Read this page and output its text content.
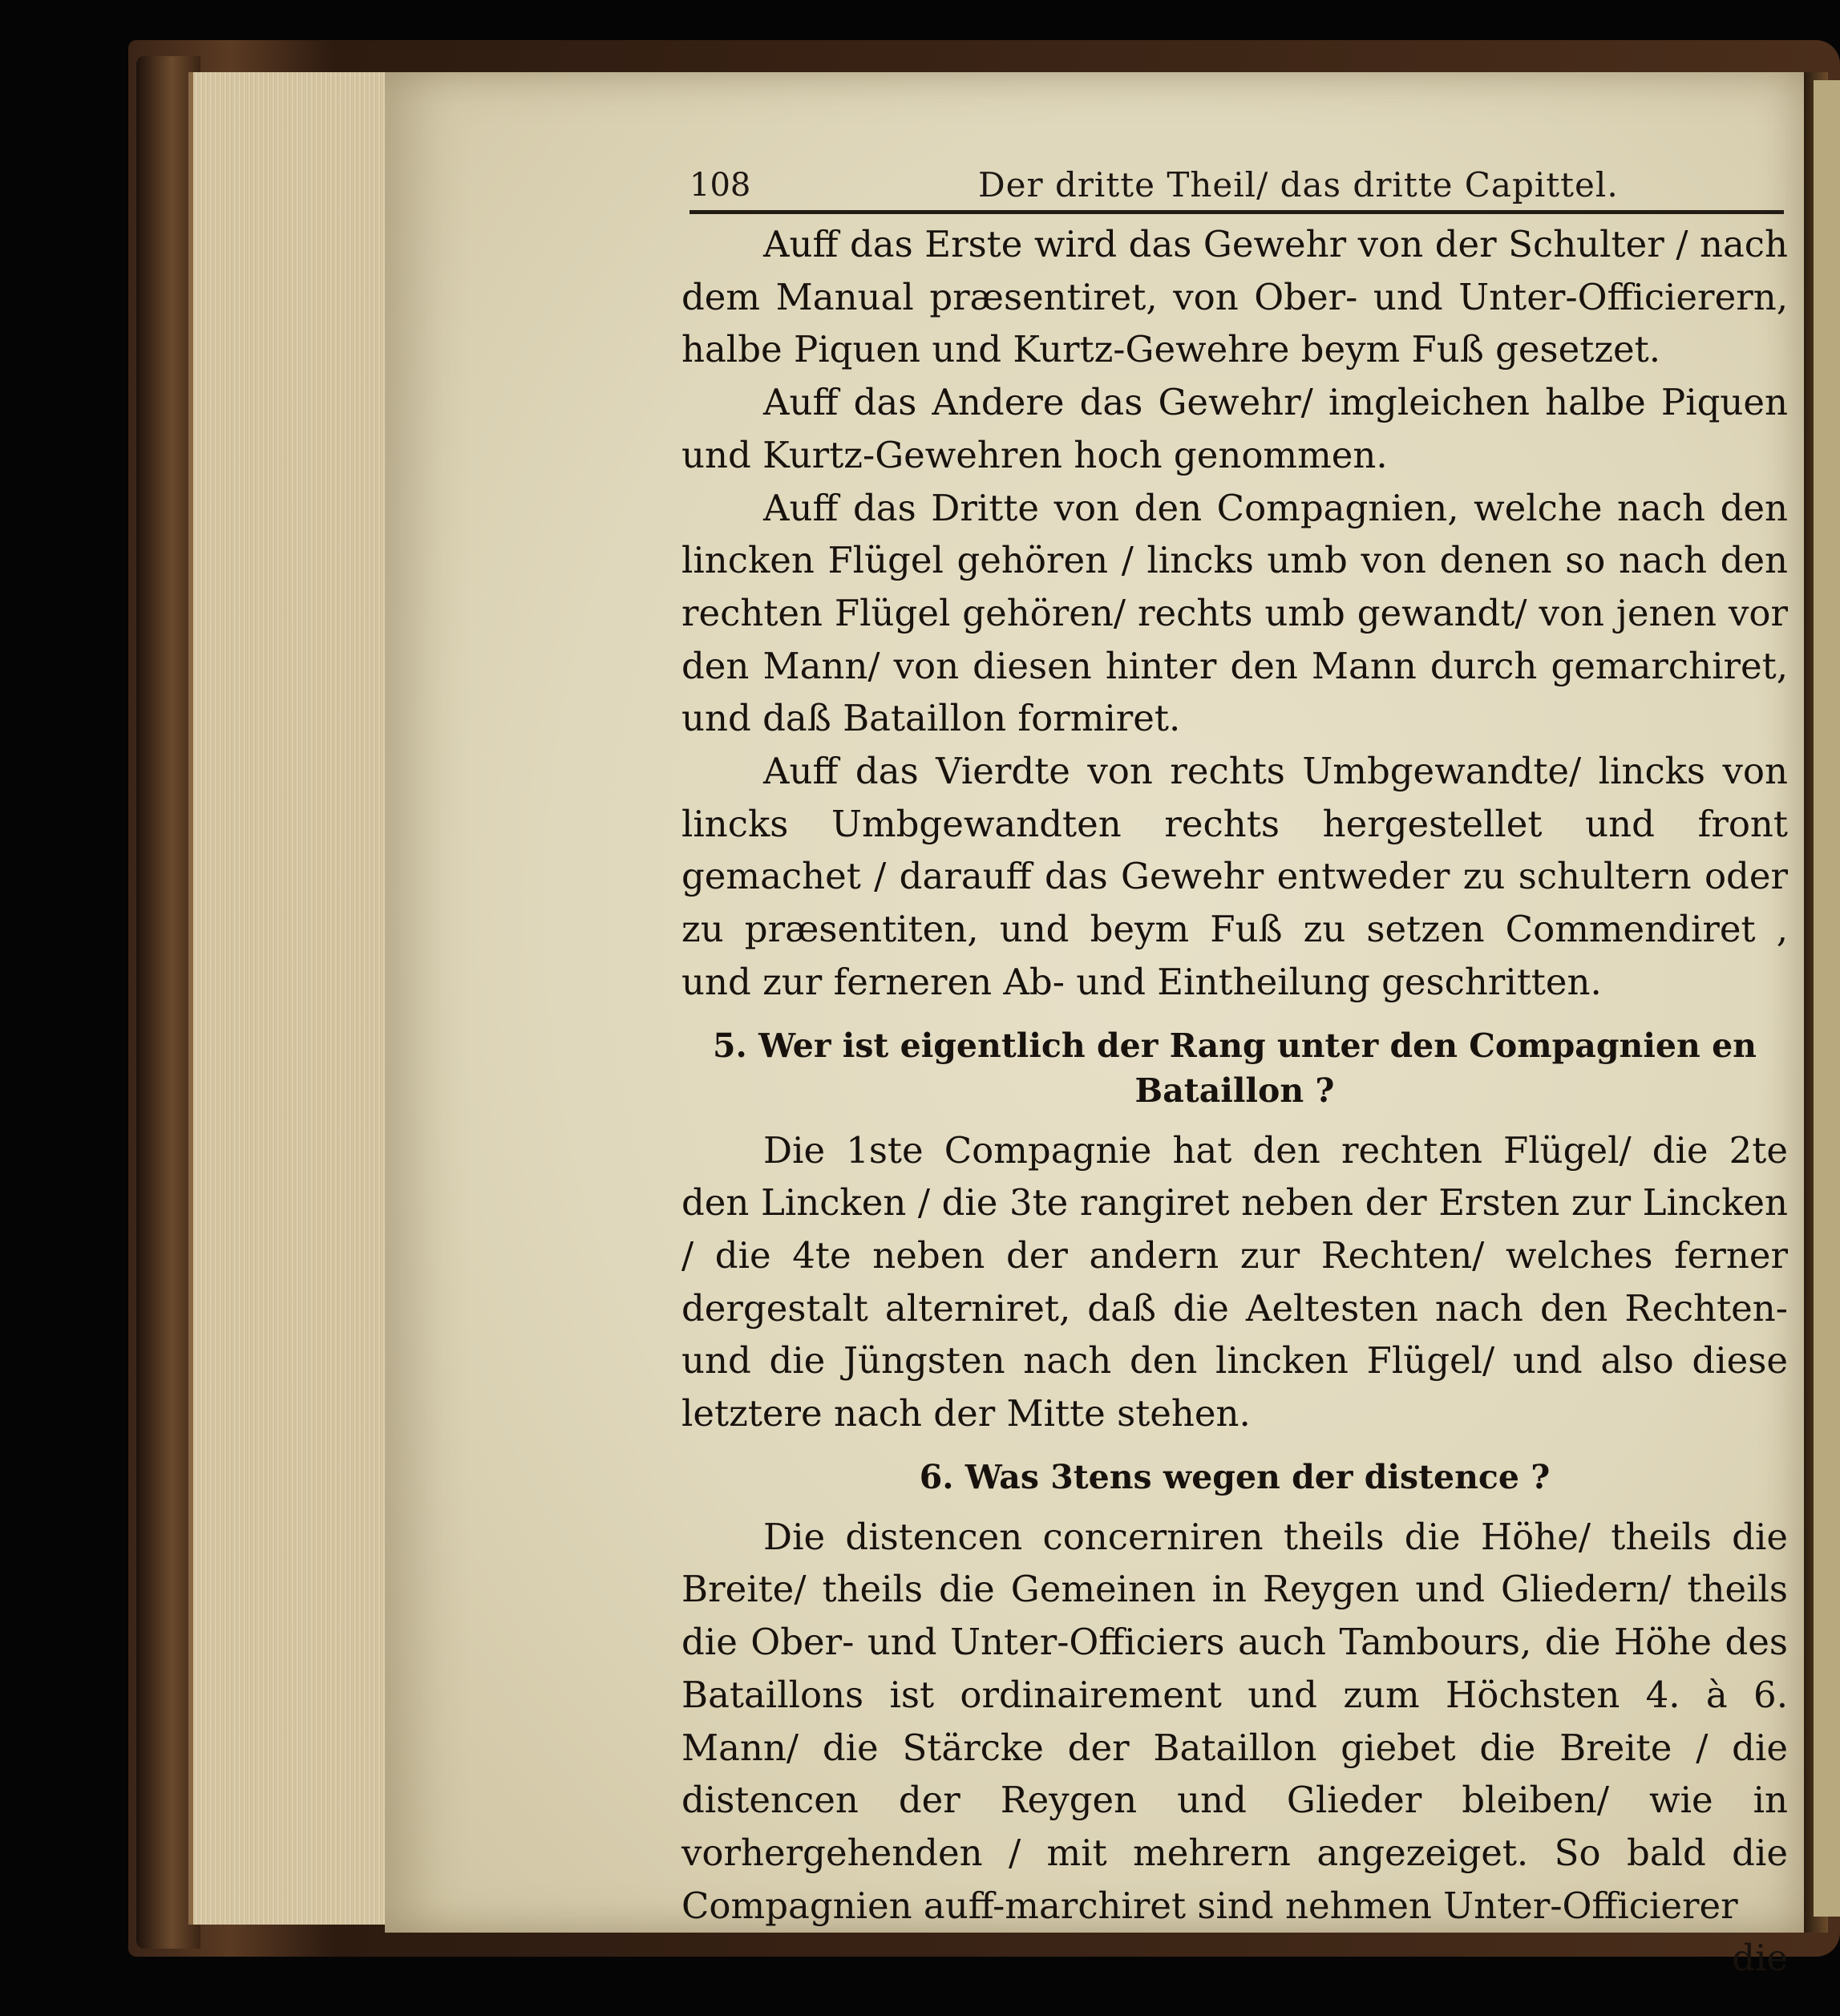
108	Der dritte Theil/ das dritte Capittel.

Auff das Erste wird das Gewehr von der Schulter / nach dem Manual præsentiret, von Ober- und Unter-Officierern, halbe Piquen und Kurtz-Gewehre beym Fuß gesetzet.

Auff das Andere das Gewehr/ imgleichen halbe Piquen und Kurtz-Gewehren hoch genommen.

Auff das Dritte von den Compagnien, welche nach den lincken Flügel gehören / lincks umb von denen so nach den rechten Flügel gehören/ rechts umb gewandt/ von jenen vor den Mann/ von diesen hinter den Mann durch gemarchiret, und daß Bataillon formiret.

Auff das Vierdte von rechts Umbgewandte/ lincks von lincks Umbgewandten rechts hergestellet und front gemachet / darauff das Gewehr entweder zu schultern oder zu præsentiten, und beym Fuß zu setzen Commendiret , und zur ferneren Ab- und Eintheilung geschritten.

5. Wer ist eigentlich der Rang unter den Compagnien en Bataillon ?

Die 1ste Compagnie hat den rechten Flügel/ die 2te den Lincken / die 3te rangiret neben der Ersten zur Lincken / die 4te neben der andern zur Rechten/ welches ferner dergestalt alterniret, daß die Aeltesten nach den Rechten- und die Jüngsten nach den lincken Flügel/ und also diese letztere nach der Mitte stehen.

6. Was 3tens wegen der distence ?

Die distencen concerniren theils die Höhe/ theils die Breite/ theils die Gemeinen in Reygen und Gliedern/ theils die Ober- und Unter-Officiers auch Tambours, die Höhe des Bataillons ist ordinairement und zum Höchsten 4. à 6. Mann/ die Stärcke der Bataillon giebet die Breite / die distencen der Reygen und Glieder bleiben/ wie in vorhergehenden / mit mehrern angezeiget. So bald die Compagnien auff-marchiret sind nehmen Unter-Officierer

die
